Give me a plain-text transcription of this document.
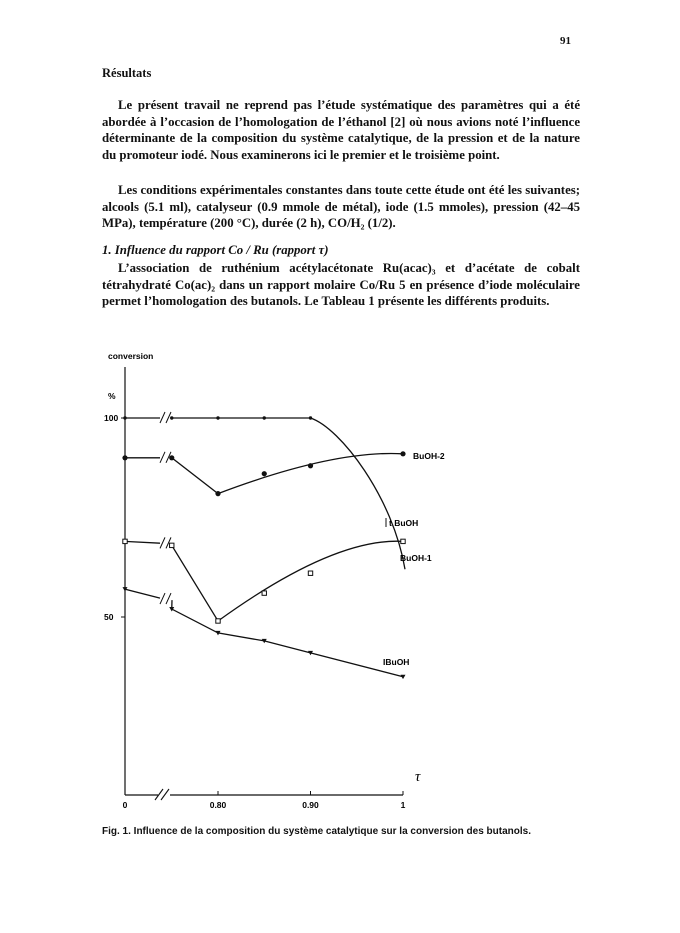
91
Résultats

Le présent travail ne reprend pas l’étude systématique des paramètres qui a été abordée à l’occasion de l’homologation de l’éthanol [2] où nous avions noté l’influence déterminante de la composition du système catalytique, de la pression et de la nature du promoteur iodé. Nous examinerons ici le premier et le troisième point.

Les conditions expérimentales constantes dans toute cette étude ont été les suivantes; alcools (5.1 ml), catalyseur (0.9 mmole de métal), iode (1.5 mmoles), pression (42–45 MPa), température (200 °C), durée (2 h), CO/H₂ (1/2).

1. Influence du rapport Co / Ru (rapport τ)

L’association de ruthénium acétylacétonate Ru(acac)₃ et d’acétate de cobalt tétrahydraté Co(ac)₂ dans un rapport molaire Co/Ru 5 en présence d’iode moléculaire permet l’homologation des butanols. Le Tableau 1 présente les différents produits.

conversion
%
100
50
0	0.80	0.90	1
τ
t BuOH
BuOH-2
BuOH-1
IBuOH

Fig. 1. Influence de la composition du système catalytique sur la conversion des butanols.
